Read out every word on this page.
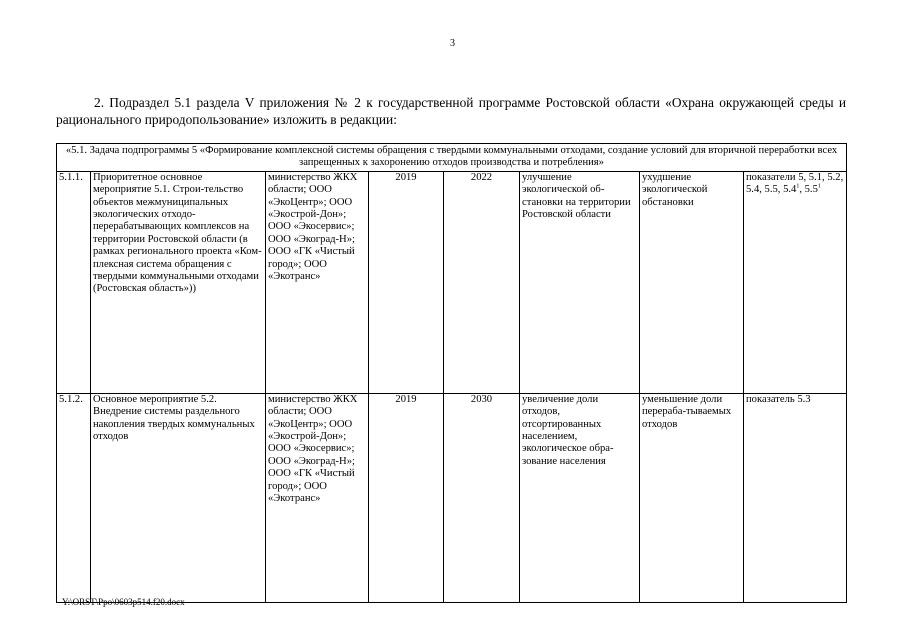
3

2. Подраздел 5.1 раздела V приложения № 2 к государственной программе Ростовской области «Охрана окружающей среды и рационального природопользование» изложить в редакции:

«5.1. Задача подпрограммы 5 «Формирование комплексной системы обращения с твердыми коммунальными отходами, создание условий для вторичной переработки всех запрещенных к захоронению отходов производства и потребления»							
5.1.1.	Приоритетное основное мероприятие 5.1. Строи-тельство объектов межмуниципальных экологических отходо-перерабатывающих комплексов на территории Ростовской области (в рамках регионального проекта «Ком-плексная система обращения с твердыми коммунальными отходами (Ростовская область»))	министерство ЖКХ области; ООО «ЭкоЦентр»; ООО «Экострой-Дон»; ООО «Экосервис»; ООО «Экоград-Н»; ООО «ГК «Чистый город»; ООО «Экотранс»	2019	2022	улучшение экологической об-становки на территории Ростовской области	ухудшение экологической обстановки	показатели 5, 5.1, 5.2, 5.4, 5.5, $5.4^1$, $5.5^1$
5.1.2.	Основное мероприятие 5.2. Внедрение системы раздельного накопления твердых коммунальных отходов	министерство ЖКХ области; ООО «ЭкоЦентр»; ООО «Экострой-Дон»; ООО «Экосервис»; ООО «Экоград-Н»; ООО «ГК «Чистый город»; ООО «Экотранс»	2019	2030	увеличение доли отходов, отсортированных населением, экологическое обра-зование населения	уменьшение доли перераба-тываемых отходов	показатель 5.3
Y:\ORST\Ppo\0603p514.f20.docx
